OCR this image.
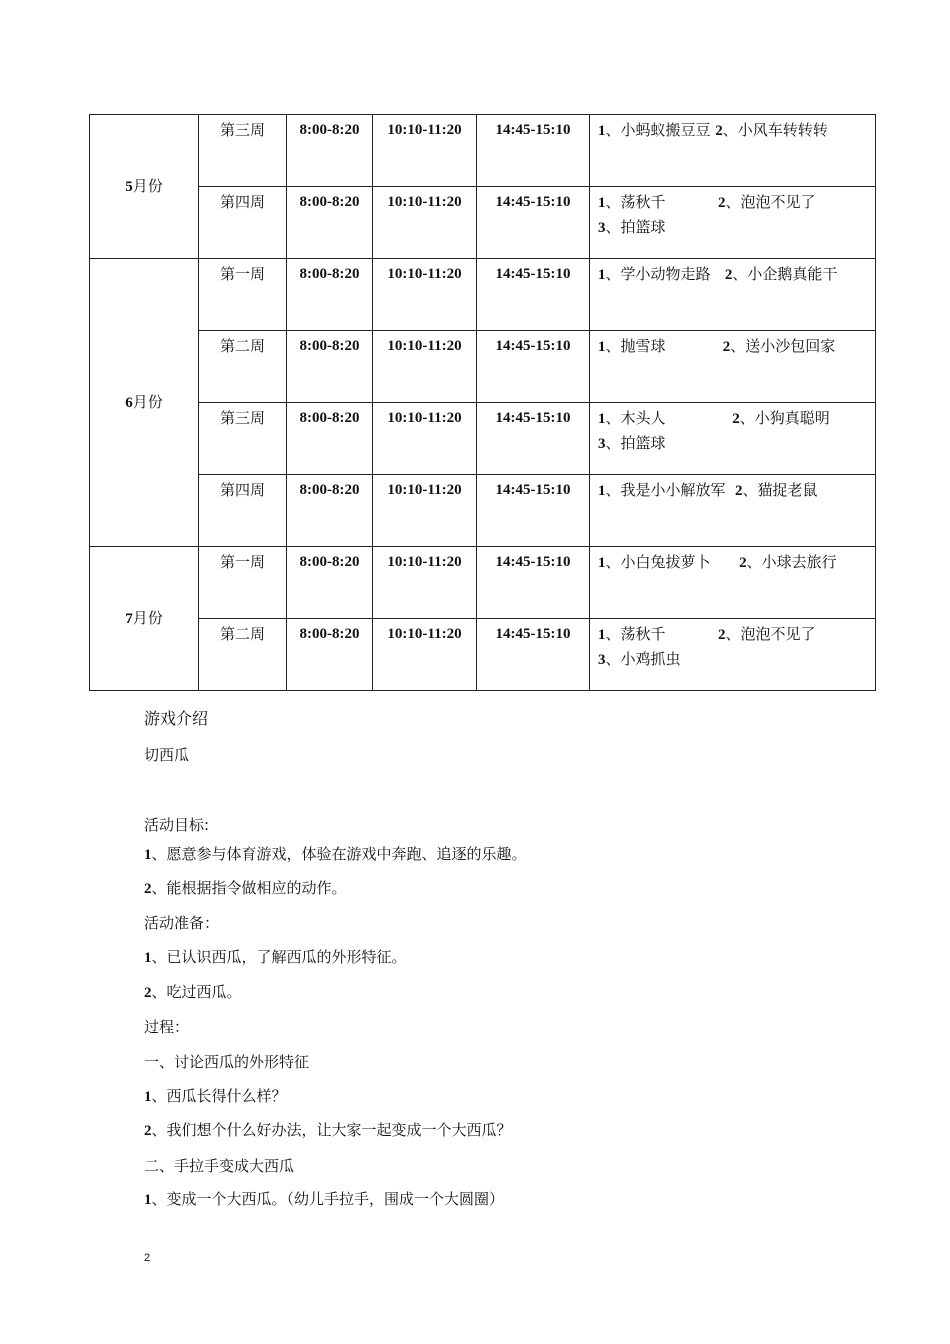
5月份	第三周	8:00-8:20	10:10-11:20	14:45-15:10	1、小蚂蚁搬豆豆 2、小风车转转转

	第四周	8:00-8:20	10:10-11:20	14:45-15:10	1、荡秋千           2、泡泡不见了
3、拍篮球

6月份	第一周	8:00-8:20	10:10-11:20	14:45-15:10	1、学小动物走路   2、小企鹅真能干

	第二周	8:00-8:20	10:10-11:20	14:45-15:10	1、抛雪球            2、送小沙包回家

	第三周	8:00-8:20	10:10-11:20	14:45-15:10	1、木头人              2、小狗真聪明
3、拍篮球

	第四周	8:00-8:20	10:10-11:20	14:45-15:10	1、我是小小解放军  2、猫捉老鼠

7月份	第一周	8:00-8:20	10:10-11:20	14:45-15:10	1、小白兔拔萝卜      2、小球去旅行

	第二周	8:00-8:20	10:10-11:20	14:45-15:10	1、荡秋千           2、泡泡不见了
3、小鸡抓虫
游戏介绍
切西瓜
活动目标:
1、愿意参与体育游戏，体验在游戏中奔跑、追逐的乐趣。
2、能根据指令做相应的动作。
活动准备：
1、已认识西瓜，了解西瓜的外形特征。
2、吃过西瓜。
过程：
一、讨论西瓜的外形特征
1、西瓜长得什么样？
2、我们想个什么好办法，让大家一起变成一个大西瓜？
二、手拉手变成大西瓜
1、变成一个大西瓜。（幼儿手拉手，围成一个大圆圈）
2
